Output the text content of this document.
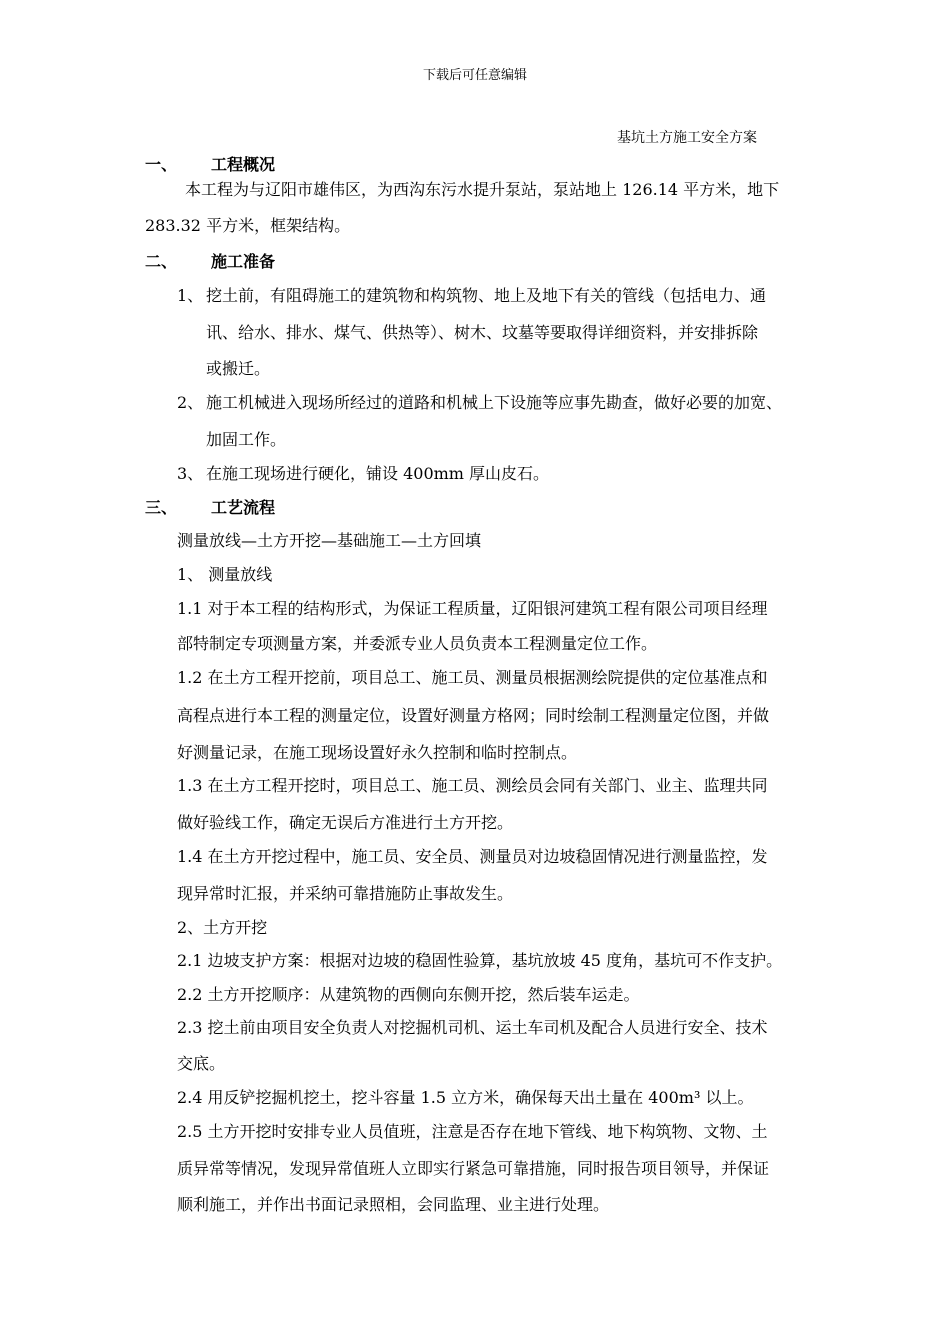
下载后可任意编辑
基坑土方施工安全方案
一、 工程概况
本工程为与辽阳市雄伟区，为西沟东污水提升泵站，泵站地上 126.14 平方米，地下
283.32 平方米，框架结构。
二、 施工准备
1、 挖土前，有阻碍施工的建筑物和构筑物、地上及地下有关的管线（包括电力、通
讯、给水、排水、煤气、供热等）、树木、坟墓等要取得详细资料，并安排拆除
或搬迁。
2、 施工机械进入现场所经过的道路和机械上下设施等应事先勘查，做好必要的加宽、
加固工作。
3、 在施工现场进行硬化，铺设 400mm 厚山皮石。
三、 工艺流程
测量放线—土方开挖—基础施工—土方回填
1、 测量放线
1.1 对于本工程的结构形式，为保证工程质量，辽阳银河建筑工程有限公司项目经理
部特制定专项测量方案，并委派专业人员负责本工程测量定位工作。
1.2 在土方工程开挖前，项目总工、施工员、测量员根据测绘院提供的定位基准点和
高程点进行本工程的测量定位，设置好测量方格网；同时绘制工程测量定位图，并做
好测量记录，在施工现场设置好永久控制和临时控制点。
1.3 在土方工程开挖时，项目总工、施工员、测绘员会同有关部门、业主、监理共同
做好验线工作，确定无误后方准进行土方开挖。
1.4 在土方开挖过程中，施工员、安全员、测量员对边坡稳固情况进行测量监控，发
现异常时汇报，并采纳可靠措施防止事故发生。
2、土方开挖
2.1 边坡支护方案：根据对边坡的稳固性验算，基坑放坡 45 度角，基坑可不作支护。
2.2 土方开挖顺序：从建筑物的西侧向东侧开挖，然后装车运走。
2.3 挖土前由项目安全负责人对挖掘机司机、运土车司机及配合人员进行安全、技术
交底。
2.4 用反铲挖掘机挖土，挖斗容量 1.5 立方米，确保每天出土量在 400m³ 以上。
2.5 土方开挖时安排专业人员值班，注意是否存在地下管线、地下构筑物、文物、土
质异常等情况，发现异常值班人立即实行紧急可靠措施，同时报告项目领导，并保证
顺利施工，并作出书面记录照相，会同监理、业主进行处理。
